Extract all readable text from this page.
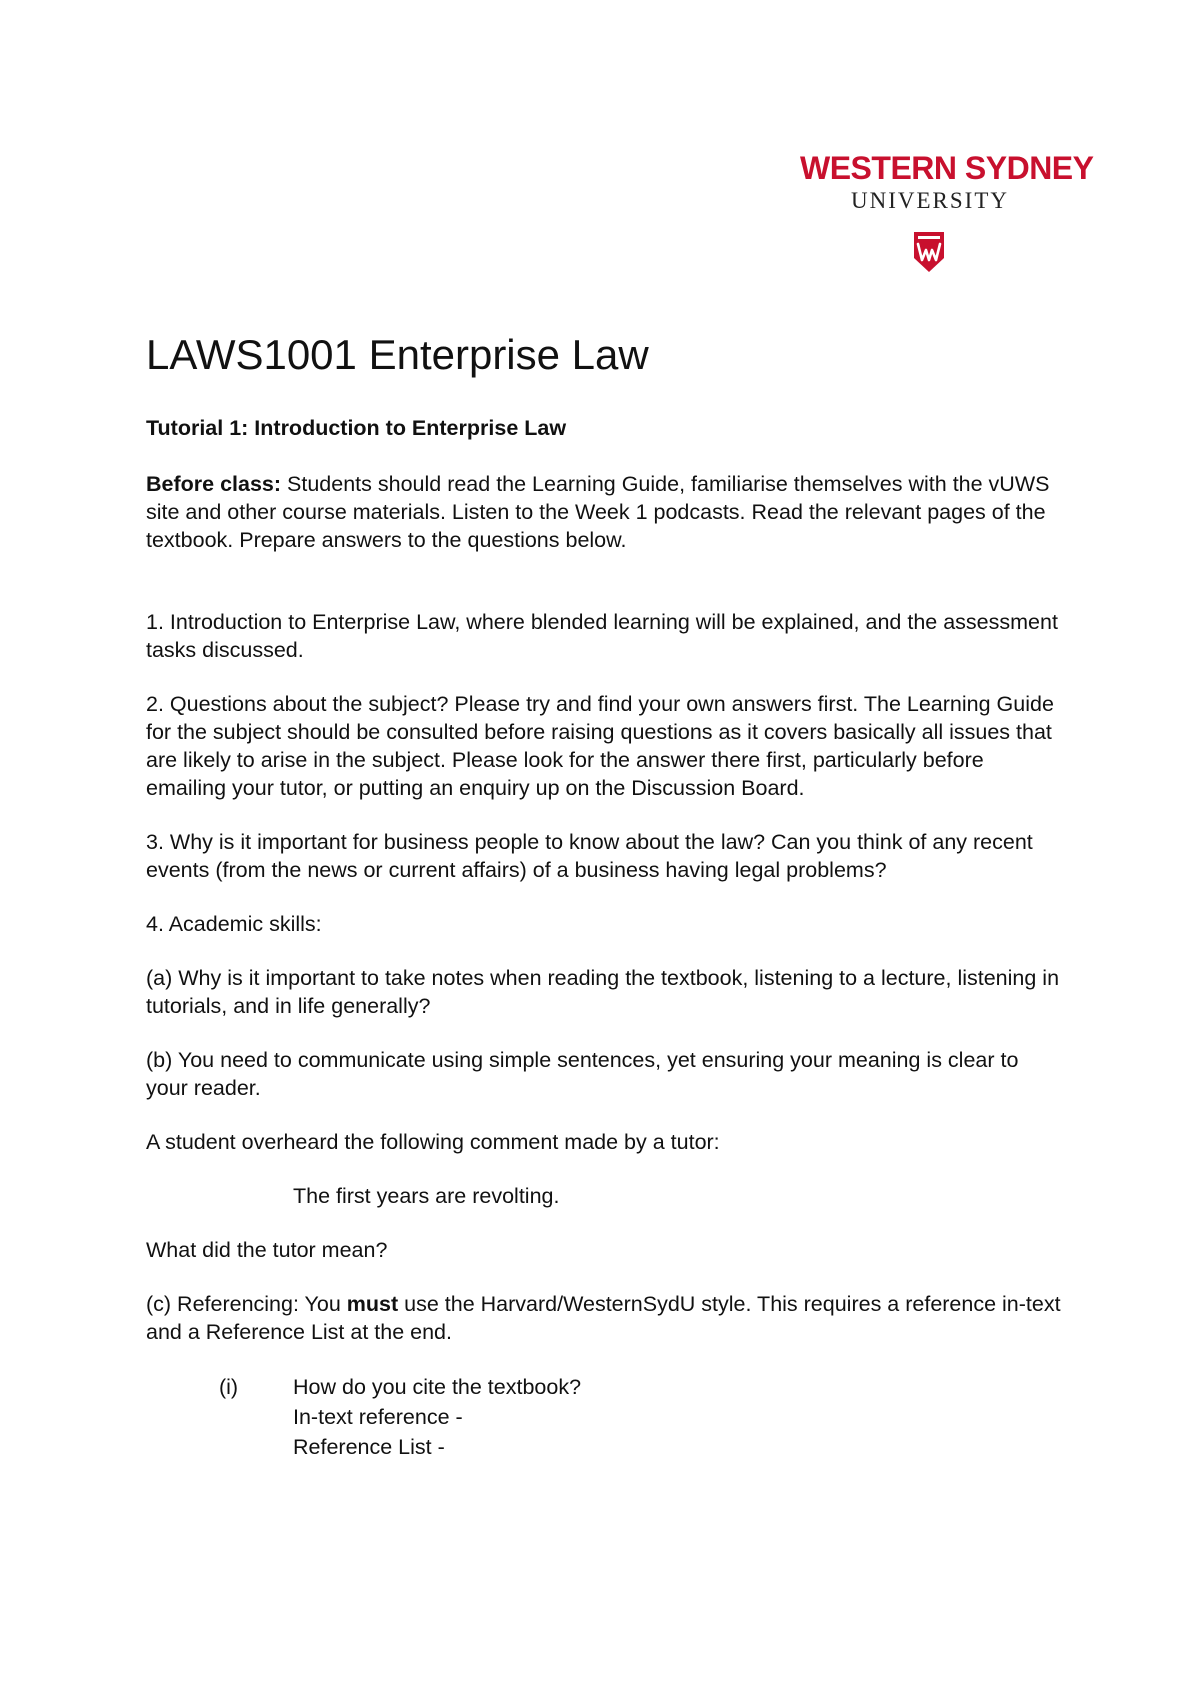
WESTERN SYDNEY
UNIVERSITY
LAWS1001 Enterprise Law

Tutorial 1: Introduction to Enterprise Law

Before class: Students should read the Learning Guide, familiarise themselves with the vUWS site and other course materials. Listen to the Week 1 podcasts. Read the relevant pages of the textbook. Prepare answers to the questions below.

1. Introduction to Enterprise Law, where blended learning will be explained, and the assessment tasks discussed.

2. Questions about the subject? Please try and find your own answers first. The Learning Guide for the subject should be consulted before raising questions as it covers basically all issues that are likely to arise in the subject. Please look for the answer there first, particularly before emailing your tutor, or putting an enquiry up on the Discussion Board.

3. Why is it important for business people to know about the law? Can you think of any recent events (from the news or current affairs) of a business having legal problems?

4. Academic skills:

(a) Why is it important to take notes when reading the textbook, listening to a lecture, listening in tutorials, and in life generally?

(b) You need to communicate using simple sentences, yet ensuring your meaning is clear to your reader.

A student overheard the following comment made by a tutor:

The first years are revolting.

What did the tutor mean?

(c) Referencing: You must use the Harvard/WesternSydU style. This requires a reference in-text and a Reference List at the end.

(i)	How do you cite the textbook?
In-text reference -
Reference List -
